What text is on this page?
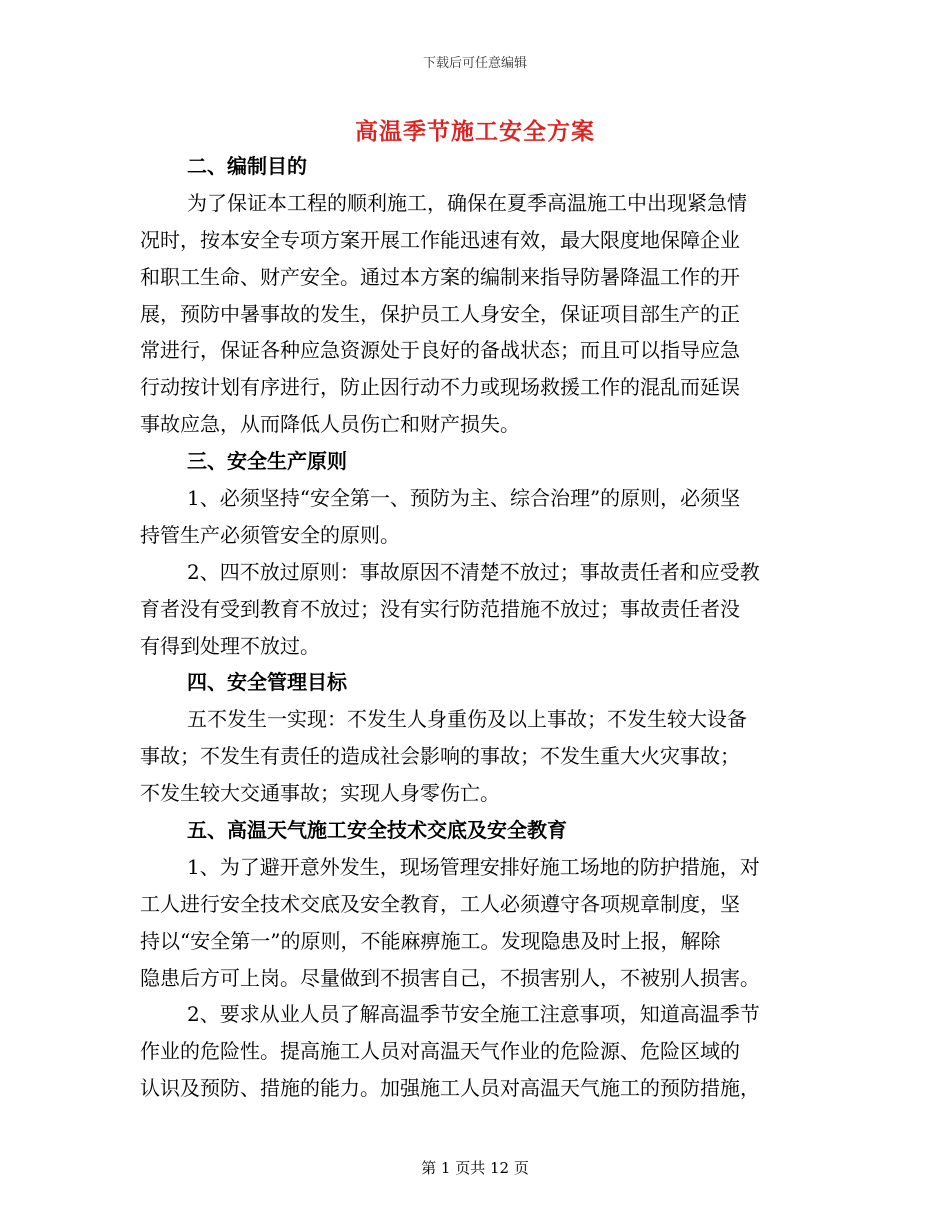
下载后可任意编辑
高温季节施工安全方案
二、编制目的
为了保证本工程的顺利施工，确保在夏季高温施工中出现紧急情
况时，按本安全专项方案开展工作能迅速有效，最大限度地保障企业
和职工生命、财产安全。通过本方案的编制来指导防暑降温工作的开
展，预防中暑事故的发生，保护员工人身安全，保证项目部生产的正
常进行，保证各种应急资源处于良好的备战状态；而且可以指导应急
行动按计划有序进行，防止因行动不力或现场救援工作的混乱而延误
事故应急，从而降低人员伤亡和财产损失。
三、安全生产原则
1、必须坚持“安全第一、预防为主、综合治理”的原则，必须坚
持管生产必须管安全的原则。
2、四不放过原则：事故原因不清楚不放过；事故责任者和应受教
育者没有受到教育不放过；没有实行防范措施不放过；事故责任者没
有得到处理不放过。
四、安全管理目标
五不发生一实现：不发生人身重伤及以上事故；不发生较大设备
事故；不发生有责任的造成社会影响的事故；不发生重大火灾事故；
不发生较大交通事故；实现人身零伤亡。
五、高温天气施工安全技术交底及安全教育
1、为了避开意外发生，现场管理安排好施工场地的防护措施，对
工人进行安全技术交底及安全教育，工人必须遵守各项规章制度，坚
持以“安全第一”的原则，不能麻痹施工。发现隐患及时上报，解除
隐患后方可上岗。尽量做到不损害自己，不损害别人，不被别人损害。
2、要求从业人员了解高温季节安全施工注意事项，知道高温季节
作业的危险性。提高施工人员对高温天气作业的危险源、危险区域的
认识及预防、措施的能力。加强施工人员对高温天气施工的预防措施，
第 1 页共 12 页
